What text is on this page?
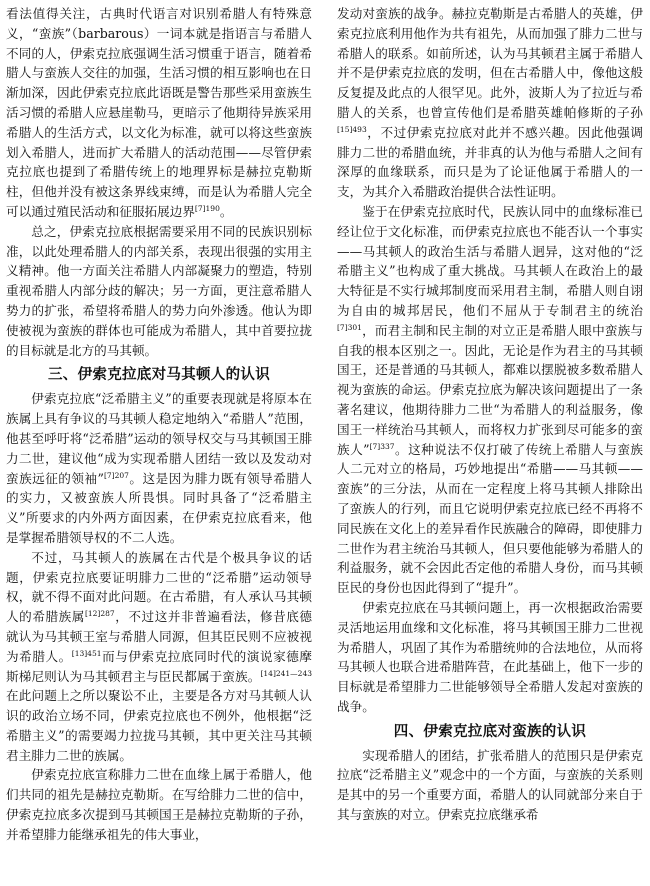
看法值得关注，古典时代语言对识别希腊人有特殊意义，“蛮族”（barbarous）一词本就是指语言与希腊人不同的人，伊索克拉底强调生活习惯重于语言，随着希腊人与蛮族人交往的加强，生活习惯的相互影响也在日渐加深，因此伊索克拉底此语既是警告那些采用蛮族生活习惯的希腊人应悬崖勒马，更暗示了他期待异族采用希腊人的生活方式，以文化为标准，就可以将这些蛮族划入希腊人，进而扩大希腊人的活动范围——尽管伊索克拉底也提到了希腊传统上的地理界标是赫拉克勒斯柱，但他并没有被这条界线束缚，而是认为希腊人完全可以通过殖民活动和征服拓展边界$^{[7]190}$。

总之，伊索克拉底根据需要采用不同的民族识别标准，以此处理希腊人的内部关系，表现出很强的实用主义精神。他一方面关注希腊人内部凝聚力的塑造，特别重视希腊人内部分歧的解决；另一方面，更注意希腊人势力的扩张，希望将希腊人的势力向外渗透。他认为即使被视为蛮族的群体也可能成为希腊人，其中首要拉拢的目标就是北方的马其顿。

三、伊索克拉底对马其顿人的认识

伊索克拉底“泛希腊主义”的重要表现就是将原本在族属上具有争议的马其顿人稳定地纳入“希腊人”范围，他甚至呼吁将“泛希腊”运动的领导权交与马其顿国王腓力二世，建议他“成为实现希腊人团结一致以及发动对蛮族远征的领袖”$^{[7]207}$。这是因为腓力既有领导希腊人的实力，又被蛮族人所畏惧。同时具备了“泛希腊主义”所要求的内外两方面因素，在伊索克拉底看来，他是掌握希腊领导权的不二人选。

不过，马其顿人的族属在古代是个极具争议的话题，伊索克拉底要证明腓力二世的“泛希腊”运动领导权，就不得不面对此问题。在古希腊，有人承认马其顿人的希腊族属$^{[12]287}$，不过这并非普遍看法，修昔底德就认为马其顿王室与希腊人同源，但其臣民则不应被视为希腊人。$^{[13]451}$而与伊索克拉底同时代的演说家德摩斯梯尼则认为马其顿君主与臣民都属于蛮族。$^{[14]241—243}$在此问题上之所以聚讼不止，主要是各方对马其顿人认识的政治立场不同，伊索克拉底也不例外，他根据“泛希腊主义”的需要竭力拉拢马其顿，其中更关注马其顿君主腓力二世的族属。

伊索克拉底宣称腓力二世在血缘上属于希腊人，他们共同的祖先是赫拉克勒斯。在写给腓力二世的信中，伊索克拉底多次提到马其顿国王是赫拉克勒斯的子孙，并希望腓力能继承祖先的伟大事业，

发动对蛮族的战争。赫拉克勒斯是古希腊人的英雄，伊索克拉底利用他作为共有祖先，从而加强了腓力二世与希腊人的联系。如前所述，认为马其顿君主属于希腊人并不是伊索克拉底的发明，但在古希腊人中，像他这般反复提及此点的人很罕见。此外，波斯人为了拉近与希腊人的关系，也曾宣传他们是希腊英雄帕修斯的子孙$^{[15]493}$，不过伊索克拉底对此并不感兴趣。因此他强调腓力二世的希腊血统，并非真的认为他与希腊人之间有深厚的血缘联系，而只是为了论证他属于希腊人的一支，为其介入希腊政治提供合法性证明。

鉴于在伊索克拉底时代，民族认同中的血缘标准已经让位于文化标准，而伊索克拉底也不能否认一个事实——马其顿人的政治生活与希腊人迥异，这对他的“泛希腊主义”也构成了重大挑战。马其顿人在政治上的最大特征是不实行城邦制度而采用君主制，希腊人则自诩为自由的城邦居民，他们不屈从于专制君主的统治$^{[7]301}$，而君主制和民主制的对立正是希腊人眼中蛮族与自我的根本区别之一。因此，无论是作为君主的马其顿国王，还是普通的马其顿人，都难以摆脱被多数希腊人视为蛮族的命运。伊索克拉底为解决该问题提出了一条著名建议，他期待腓力二世“为希腊人的利益服务，像国王一样统治马其顿人，而将权力扩张到尽可能多的蛮族人”$^{[7]337}$。这种说法不仅打破了传统上希腊人与蛮族人二元对立的格局，巧妙地提出“希腊——马其顿——蛮族”的三分法，从而在一定程度上将马其顿人排除出了蛮族人的行列，而且它说明伊索克拉底已经不再将不同民族在文化上的差异看作民族融合的障碍，即使腓力二世作为君主统治马其顿人，但只要他能够为希腊人的利益服务，就不会因此否定他的希腊人身份，而马其顿臣民的身份也因此得到了“提升”。

伊索克拉底在马其顿问题上，再一次根据政治需要灵活地运用血缘和文化标准，将马其顿国王腓力二世视为希腊人，巩固了其作为希腊统帅的合法地位，从而将马其顿人也联合进希腊阵营，在此基础上，他下一步的目标就是希望腓力二世能够领导全希腊人发起对蛮族的战争。

四、伊索克拉底对蛮族的认识

实现希腊人的团结，扩张希腊人的范围只是伊索克拉底“泛希腊主义”观念中的一个方面，与蛮族的关系则是其中的另一个重要方面，希腊人的认同就部分来自于其与蛮族的对立。伊索克拉底继承希
